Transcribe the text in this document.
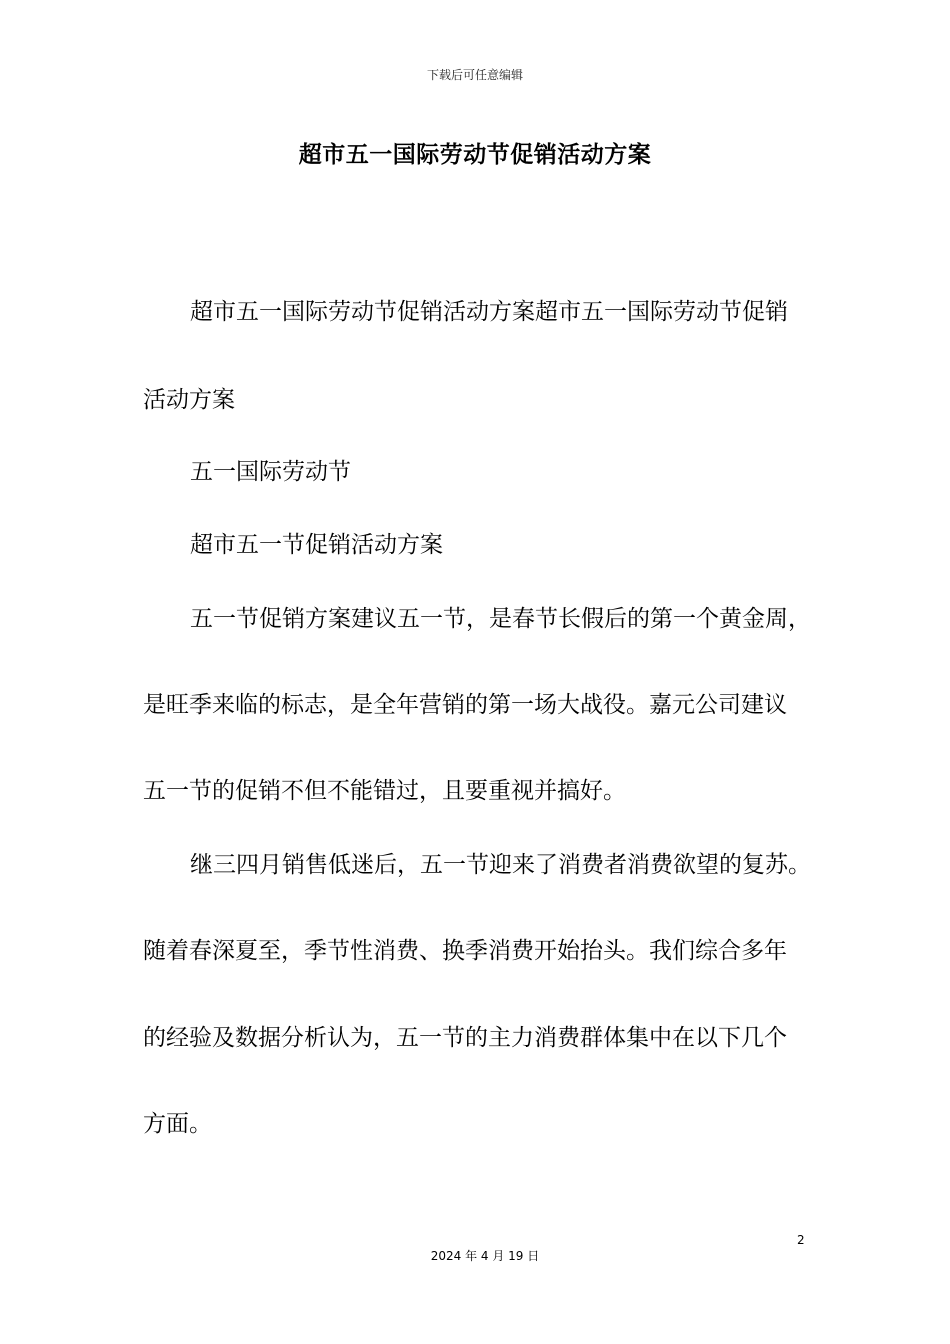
下载后可任意编辑
超市五一国际劳动节促销活动方案
超市五一国际劳动节促销活动方案超市五一国际劳动节促销
活动方案
五一国际劳动节
超市五一节促销活动方案
五一节促销方案建议五一节，是春节长假后的第一个黄金周，
是旺季来临的标志，是全年营销的第一场大战役。嘉元公司建议
五一节的促销不但不能错过，且要重视并搞好。
继三四月销售低迷后，五一节迎来了消费者消费欲望的复苏。
随着春深夏至，季节性消费、换季消费开始抬头。我们综合多年
的经验及数据分析认为，五一节的主力消费群体集中在以下几个
方面。
2
2024 年 4 月 19 日
